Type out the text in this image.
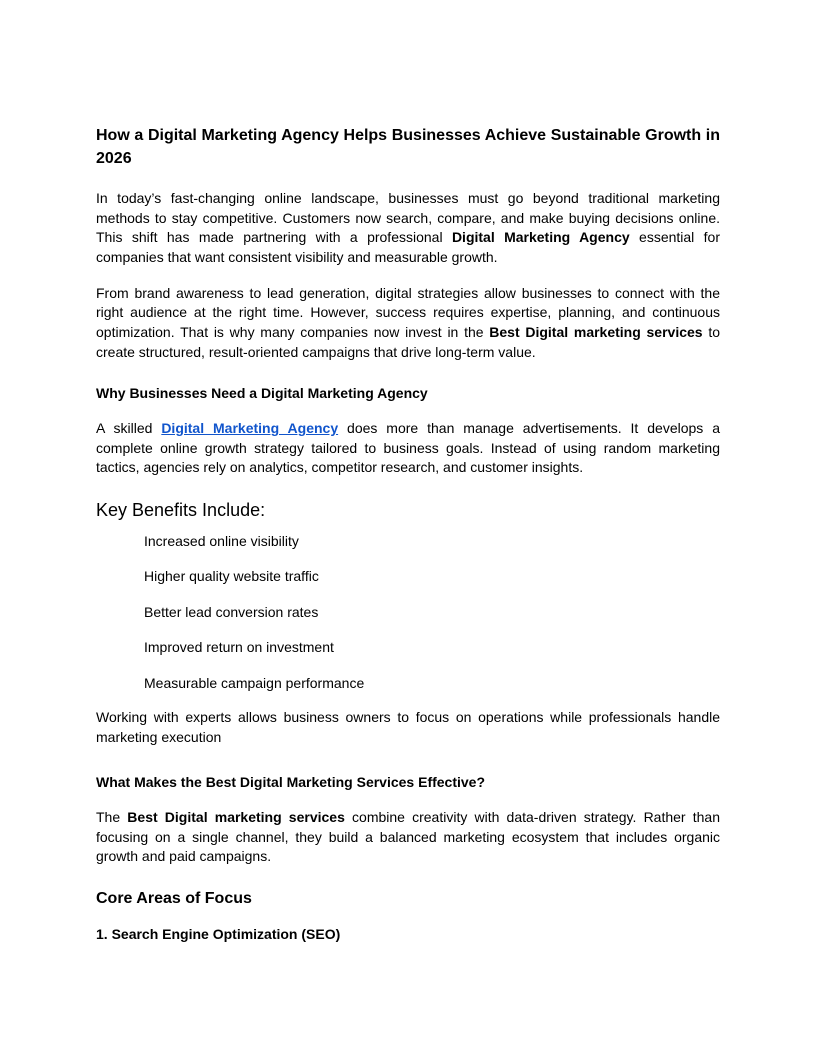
How a Digital Marketing Agency Helps Businesses Achieve Sustainable Growth in 2026

In today’s fast-changing online landscape, businesses must go beyond traditional marketing methods to stay competitive. Customers now search, compare, and make buying decisions online. This shift has made partnering with a professional Digital Marketing Agency essential for companies that want consistent visibility and measurable growth.

From brand awareness to lead generation, digital strategies allow businesses to connect with the right audience at the right time. However, success requires expertise, planning, and continuous optimization. That is why many companies now invest in the Best Digital marketing services to create structured, result-oriented campaigns that drive long-term value.

Why Businesses Need a Digital Marketing Agency

A skilled Digital Marketing Agency does more than manage advertisements. It develops a complete online growth strategy tailored to business goals. Instead of using random marketing tactics, agencies rely on analytics, competitor research, and customer insights.

Key Benefits Include:
Increased online visibility
Higher quality website traffic
Better lead conversion rates
Improved return on investment
Measurable campaign performance

Working with experts allows business owners to focus on operations while professionals handle marketing execution

What Makes the Best Digital Marketing Services Effective?

The Best Digital marketing services combine creativity with data-driven strategy. Rather than focusing on a single channel, they build a balanced marketing ecosystem that includes organic growth and paid campaigns.

Core Areas of Focus
1. Search Engine Optimization (SEO)
